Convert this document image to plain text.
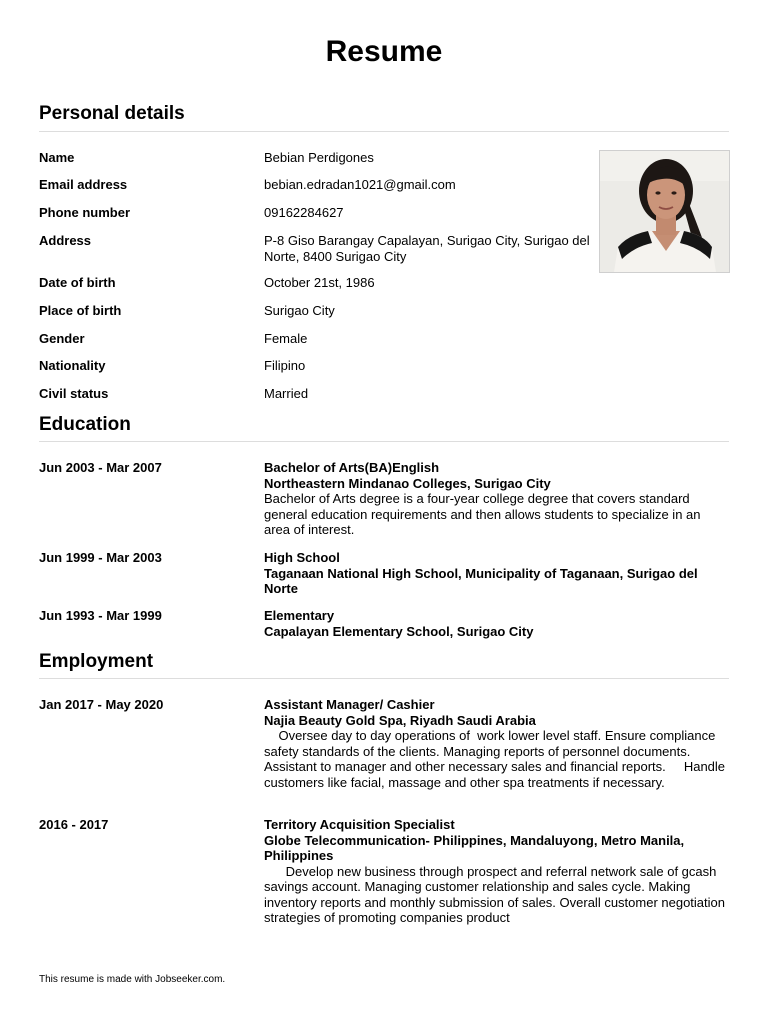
Resume
Personal details
Name	Bebian Perdigones
Email address	bebian.edradan1021@gmail.com
Phone number	09162284627
Address	P-8 Giso Barangay Capalayan, Surigao City, Surigao del Norte, 8400 Surigao City
Date of birth	October 21st, 1986
Place of birth	Surigao City
Gender	Female
Nationality	Filipino
Civil status	Married
Education
Jun 2003 - Mar 2007	Bachelor of Arts(BA)English
Northeastern Mindanao Colleges, Surigao City
Bachelor of Arts degree is a four-year college degree that covers standard general education requirements and then allows students to specialize in an area of interest.
Jun 1999 - Mar 2003	High School
Taganaan National High School, Municipality of Taganaan, Surigao del Norte
Jun 1993 - Mar 1999	Elementary
Capalayan Elementary School, Surigao City
Employment
Jan 2017 - May 2020	Assistant Manager/ Cashier
Najia Beauty Gold Spa, Riyadh Saudi Arabia
Oversee day to day operations of  work lower level staff. Ensure compliance safety standards of the clients. Managing reports of personnel documents. Assistant to manager and other necessary sales and financial reports.     Handle customers like facial, massage and other spa treatments if necessary.
2016 - 2017	Territory Acquisition Specialist
Globe Telecommunication- Philippines, Mandaluyong, Metro Manila, Philippines
Develop new business through prospect and referral network sale of gcash savings account. Managing customer relationship and sales cycle. Making inventory reports and monthly submission of sales. Overall customer negotiation strategies of promoting companies product
This resume is made with Jobseeker.com.
